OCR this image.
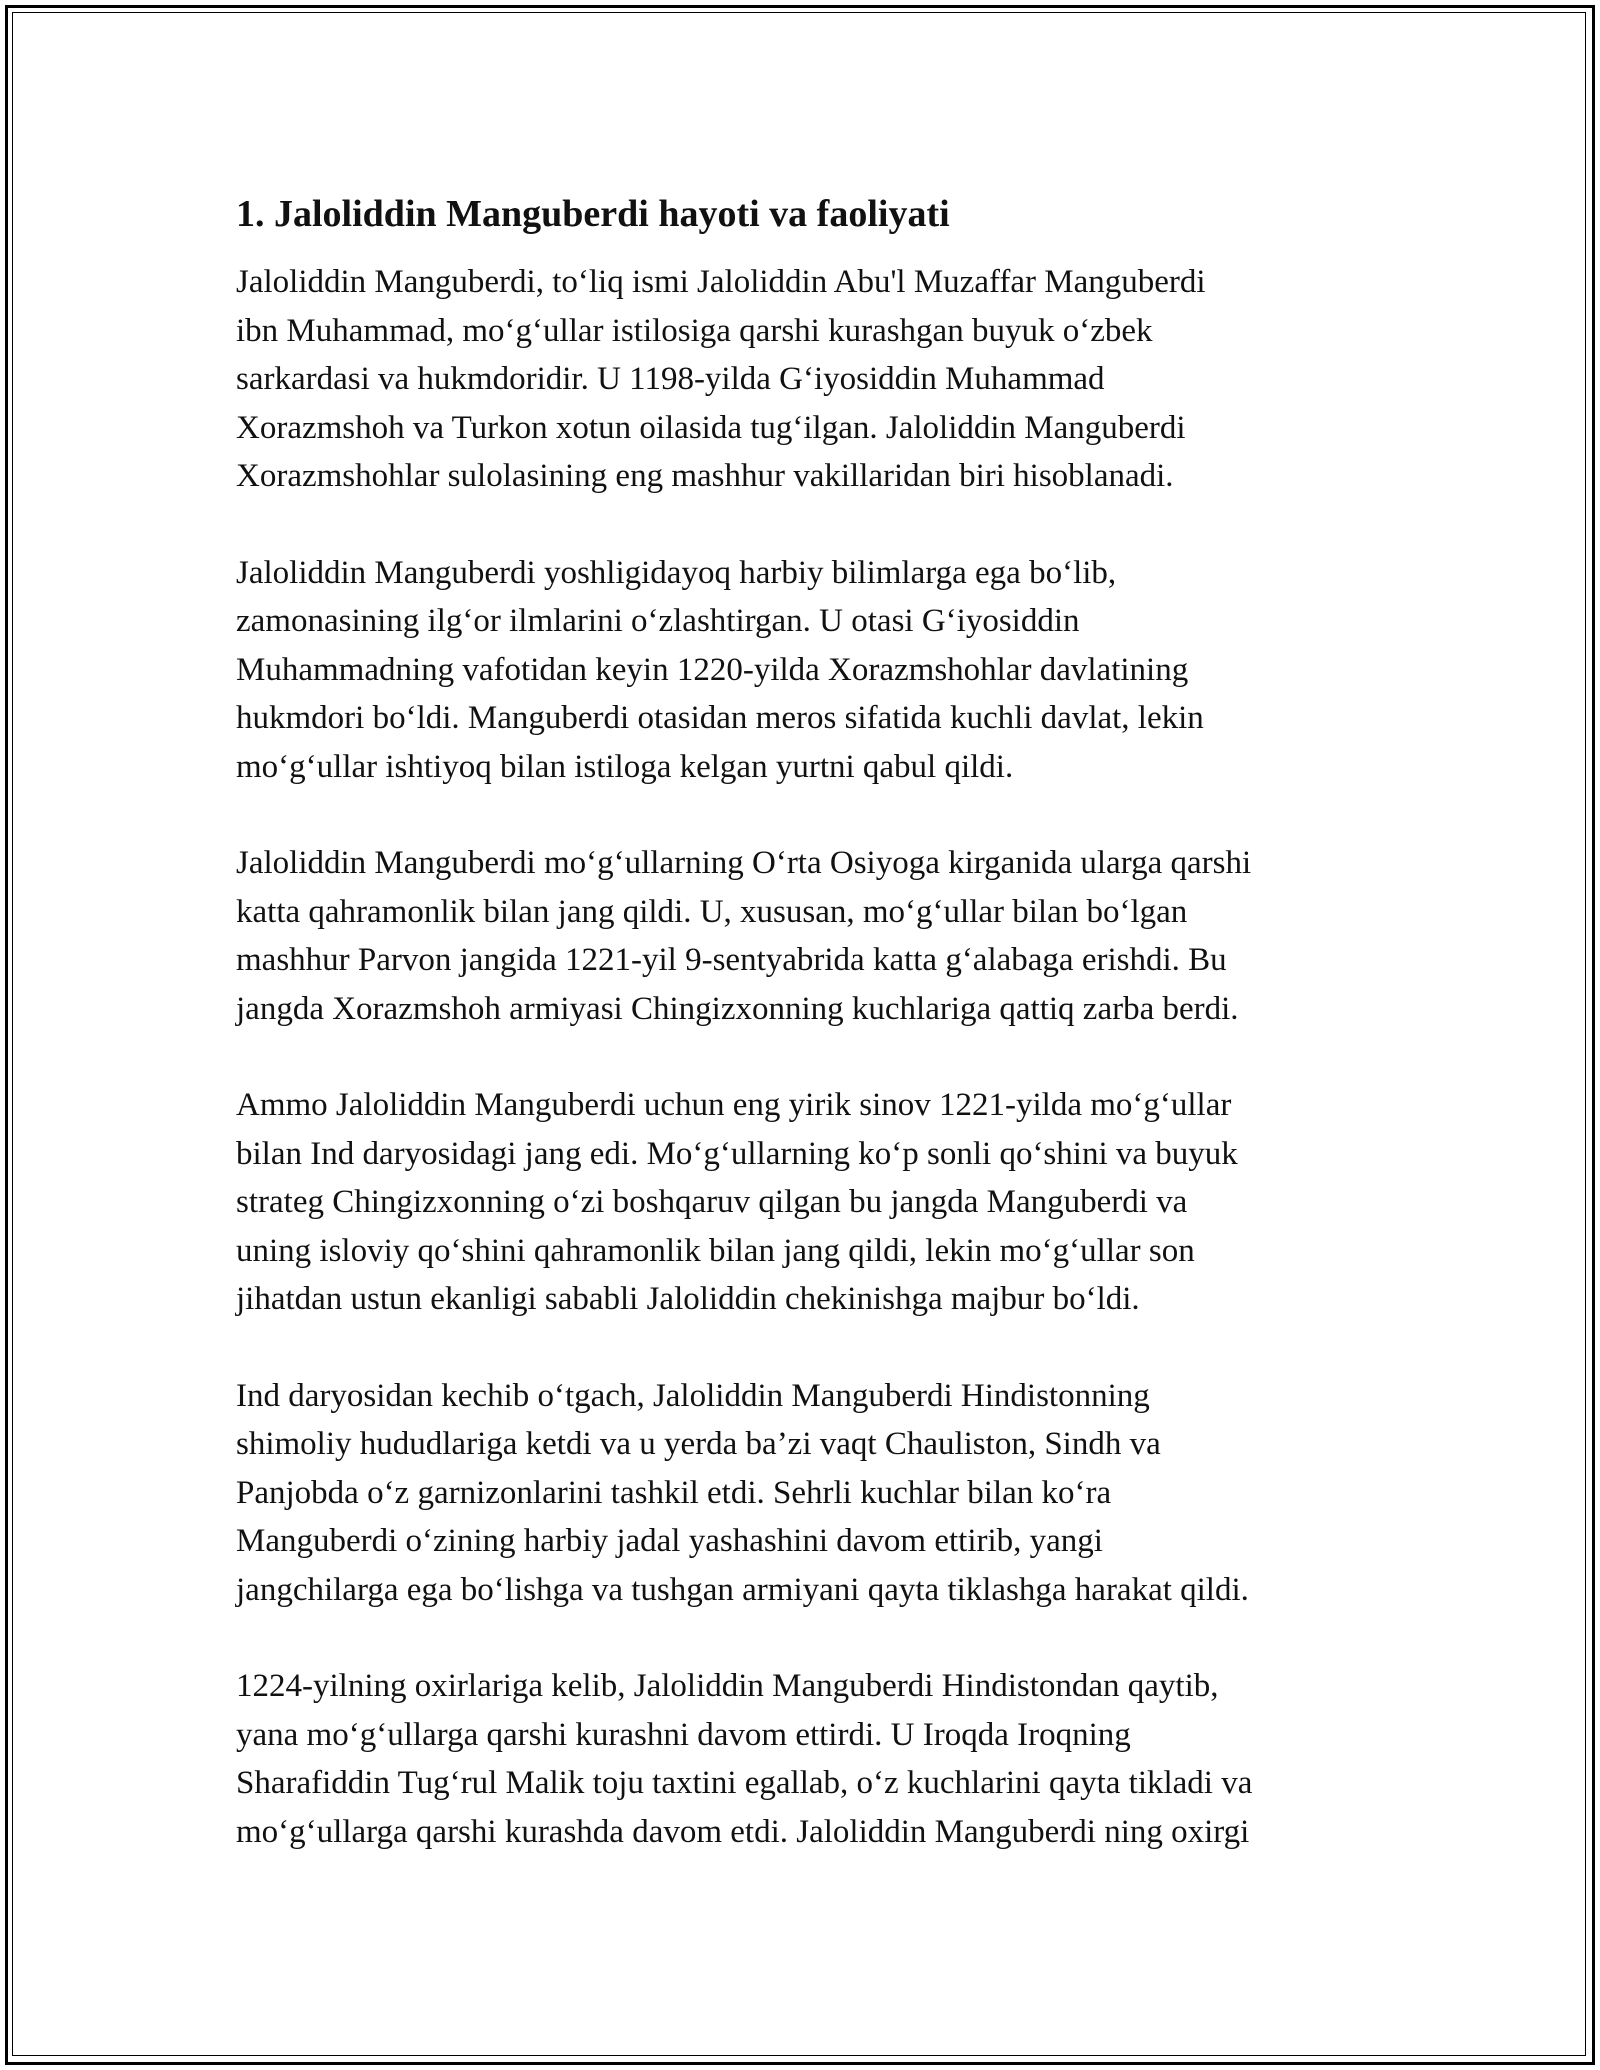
1. Jaloliddin Manguberdi hayoti va faoliyati
Jaloliddin Manguberdi, to‘liq ismi Jaloliddin Abu'l Muzaffar Manguberdi
ibn Muhammad, mo‘g‘ullar istilosiga qarshi kurashgan buyuk o‘zbek
sarkardasi va hukmdoridir. U 1198-yilda G‘iyosiddin Muhammad
Xorazmshoh va Turkon xotun oilasida tug‘ilgan. Jaloliddin Manguberdi
Xorazmshohlar sulolasining eng mashhur vakillaridan biri hisoblanadi.
Jaloliddin Manguberdi yoshligidayoq harbiy bilimlarga ega bo‘lib,
zamonasining ilg‘or ilmlarini o‘zlashtirgan. U otasi G‘iyosiddin
Muhammadning vafotidan keyin 1220-yilda Xorazmshohlar davlatining
hukmdori bo‘ldi. Manguberdi otasidan meros sifatida kuchli davlat, lekin
mo‘g‘ullar ishtiyoq bilan istiloga kelgan yurtni qabul qildi.
Jaloliddin Manguberdi mo‘g‘ullarning O‘rta Osiyoga kirganida ularga qarshi
katta qahramonlik bilan jang qildi. U, xususan, mo‘g‘ullar bilan bo‘lgan
mashhur Parvon jangida 1221-yil 9-sentyabrida katta g‘alabaga erishdi. Bu
jangda Xorazmshoh armiyasi Chingizxonning kuchlariga qattiq zarba berdi.
Ammo Jaloliddin Manguberdi uchun eng yirik sinov 1221-yilda mo‘g‘ullar
bilan Ind daryosidagi jang edi. Mo‘g‘ullarning ko‘p sonli qo‘shini va buyuk
strateg Chingizxonning o‘zi boshqaruv qilgan bu jangda Manguberdi va
uning isloviy qo‘shini qahramonlik bilan jang qildi, lekin mo‘g‘ullar son
jihatdan ustun ekanligi sababli Jaloliddin chekinishga majbur bo‘ldi.
Ind daryosidan kechib o‘tgach, Jaloliddin Manguberdi Hindistonning
shimoliy hududlariga ketdi va u yerda ba’zi vaqt Chauliston, Sindh va
Panjobda o‘z garnizonlarini tashkil etdi. Sehrli kuchlar bilan ko‘ra
Manguberdi o‘zining harbiy jadal yashashini davom ettirib, yangi
jangchilarga ega bo‘lishga va tushgan armiyani qayta tiklashga harakat qildi.
1224-yilning oxirlariga kelib, Jaloliddin Manguberdi Hindistondan qaytib,
yana mo‘g‘ullarga qarshi kurashni davom ettirdi. U Iroqda Iroqning
Sharafiddin Tug‘rul Malik toju taxtini egallab, o‘z kuchlarini qayta tikladi va
mo‘g‘ullarga qarshi kurashda davom etdi. Jaloliddin Manguberdi ning oxirgi
